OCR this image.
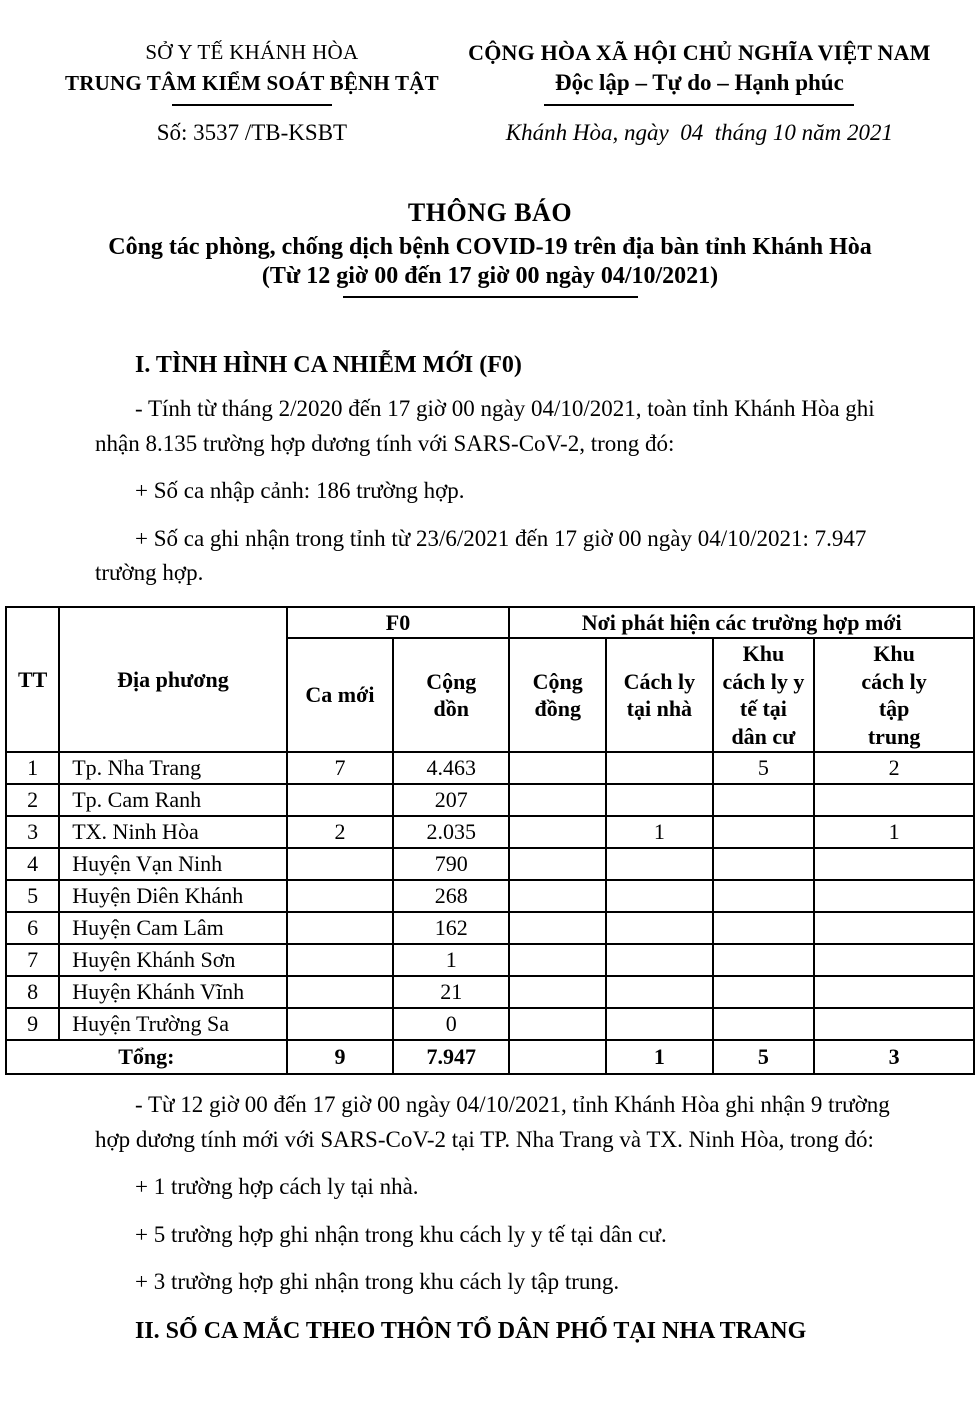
SỞ Y TẾ KHÁNH HÒA
TRUNG TÂM KIỂM SOÁT BỆNH TẬT
Số: 3537 /TB-KSBT
CỘNG HÒA XÃ HỘI CHỦ NGHĨA VIỆT NAM
Độc lập – Tự do – Hạnh phúc
Khánh Hòa, ngày  04  tháng 10 năm 2021
THÔNG BÁO
Công tác phòng, chống dịch bệnh COVID-19 trên địa bàn tỉnh Khánh Hòa
(Từ 12 giờ 00 đến 17 giờ 00 ngày 04/10/2021)
I. TÌNH HÌNH CA NHIỄM MỚI (F0)

- Tính từ tháng 2/2020 đến 17 giờ 00 ngày 04/10/2021, toàn tỉnh Khánh Hòa ghi nhận 8.135 trường hợp dương tính với SARS-CoV-2, trong đó:

+ Số ca nhập cảnh: 186 trường hợp.

+ Số ca ghi nhận trong tỉnh từ 23/6/2021 đến 17 giờ 00 ngày 04/10/2021: 7.947 trường hợp.

TT	Địa phương	F0		Nơi phát hiện các trường hợp mới			
		Ca mới	Cộng dồn	Cộng đồng	Cách ly tại nhà	Khu cách ly y tế tại dân cư	Khu cách ly tập trung
1	Tp. Nha Trang	7	4.463			5	2
2	Tp. Cam Ranh		207				
3	TX. Ninh Hòa	2	2.035		1		1
4	Huyện Vạn Ninh		790				
5	Huyện Diên Khánh		268				
6	Huyện Cam Lâm		162				
7	Huyện Khánh Sơn		1				
8	Huyện Khánh Vĩnh		21				
9	Huyện Trường Sa		0				
Tổng:		9	7.947		1	5	3

- Từ 12 giờ 00 đến 17 giờ 00 ngày 04/10/2021, tỉnh Khánh Hòa ghi nhận 9 trường hợp dương tính mới với SARS-CoV-2 tại TP. Nha Trang và TX. Ninh Hòa, trong đó:

+ 1 trường hợp cách ly tại nhà.

+ 5 trường hợp ghi nhận trong khu cách ly y tế tại dân cư.

+ 3 trường hợp ghi nhận trong khu cách ly tập trung.

II. SỐ CA MẮC THEO THÔN TỔ DÂN PHỐ TẠI NHA TRANG
